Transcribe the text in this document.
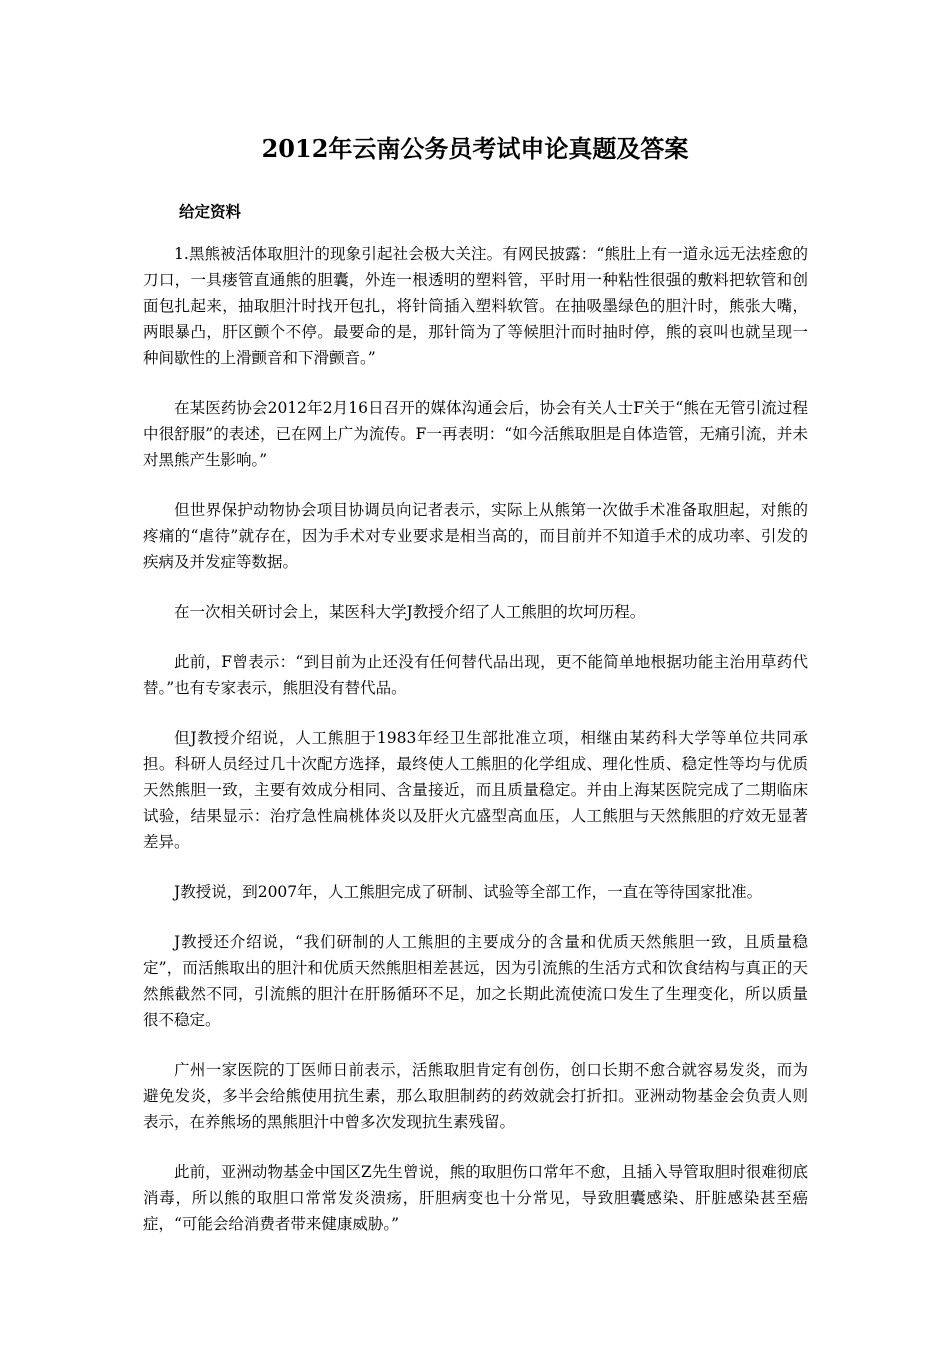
2012年云南公务员考试申论真题及答案
给定资料

1.黑熊被活体取胆汁的现象引起社会极大关注。有网民披露：“熊肚上有一道永远无法痊愈的刀口，一具瘘管直通熊的胆囊，外连一根透明的塑料管，平时用一种粘性很强的敷料把软管和创面包扎起来，抽取胆汁时找开包扎，将针筒插入塑料软管。在抽吸墨绿色的胆汁时，熊张大嘴，两眼暴凸，肝区颤个不停。最要命的是，那针筒为了等候胆汁而时抽时停，熊的哀叫也就呈现一种间歇性的上滑颤音和下滑颤音。”

在某医药协会2012年2月16日召开的媒体沟通会后，协会有关人士F关于“熊在无管引流过程中很舒服”的表述，已在网上广为流传。F一再表明：“如今活熊取胆是自体造管，无痛引流，并未对黑熊产生影响。”

但世界保护动物协会项目协调员向记者表示，实际上从熊第一次做手术准备取胆起，对熊的疼痛的“虐待”就存在，因为手术对专业要求是相当高的，而目前并不知道手术的成功率、引发的疾病及并发症等数据。

在一次相关研讨会上，某医科大学J教授介绍了人工熊胆的坎坷历程。

此前，F曾表示：“到目前为止还没有任何替代品出现，更不能简单地根据功能主治用草药代替。”也有专家表示，熊胆没有替代品。

但J教授介绍说，人工熊胆于1983年经卫生部批准立项，相继由某药科大学等单位共同承担。科研人员经过几十次配方选择，最终使人工熊胆的化学组成、理化性质、稳定性等均与优质天然熊胆一致，主要有效成分相同、含量接近，而且质量稳定。并由上海某医院完成了二期临床试验，结果显示：治疗急性扁桃体炎以及肝火亢盛型高血压，人工熊胆与天然熊胆的疗效无显著差异。

J教授说，到2007年，人工熊胆完成了研制、试验等全部工作，一直在等待国家批准。

J教授还介绍说，“我们研制的人工熊胆的主要成分的含量和优质天然熊胆一致，且质量稳定”，而活熊取出的胆汁和优质天然熊胆相差甚远，因为引流熊的生活方式和饮食结构与真正的天然熊截然不同，引流熊的胆汁在肝肠循环不足，加之长期此流使流口发生了生理变化，所以质量很不稳定。

广州一家医院的丁医师日前表示，活熊取胆肯定有创伤，创口长期不愈合就容易发炎，而为避免发炎，多半会给熊使用抗生素，那么取胆制药的药效就会打折扣。亚洲动物基金会负责人则表示，在养熊场的黑熊胆汁中曾多次发现抗生素残留。

此前，亚洲动物基金中国区Z先生曾说，熊的取胆伤口常年不愈，且插入导管取胆时很难彻底消毒，所以熊的取胆口常常发炎溃疡，肝胆病变也十分常见，导致胆囊感染、肝脏感染甚至癌症，“可能会给消费者带来健康威胁。”
